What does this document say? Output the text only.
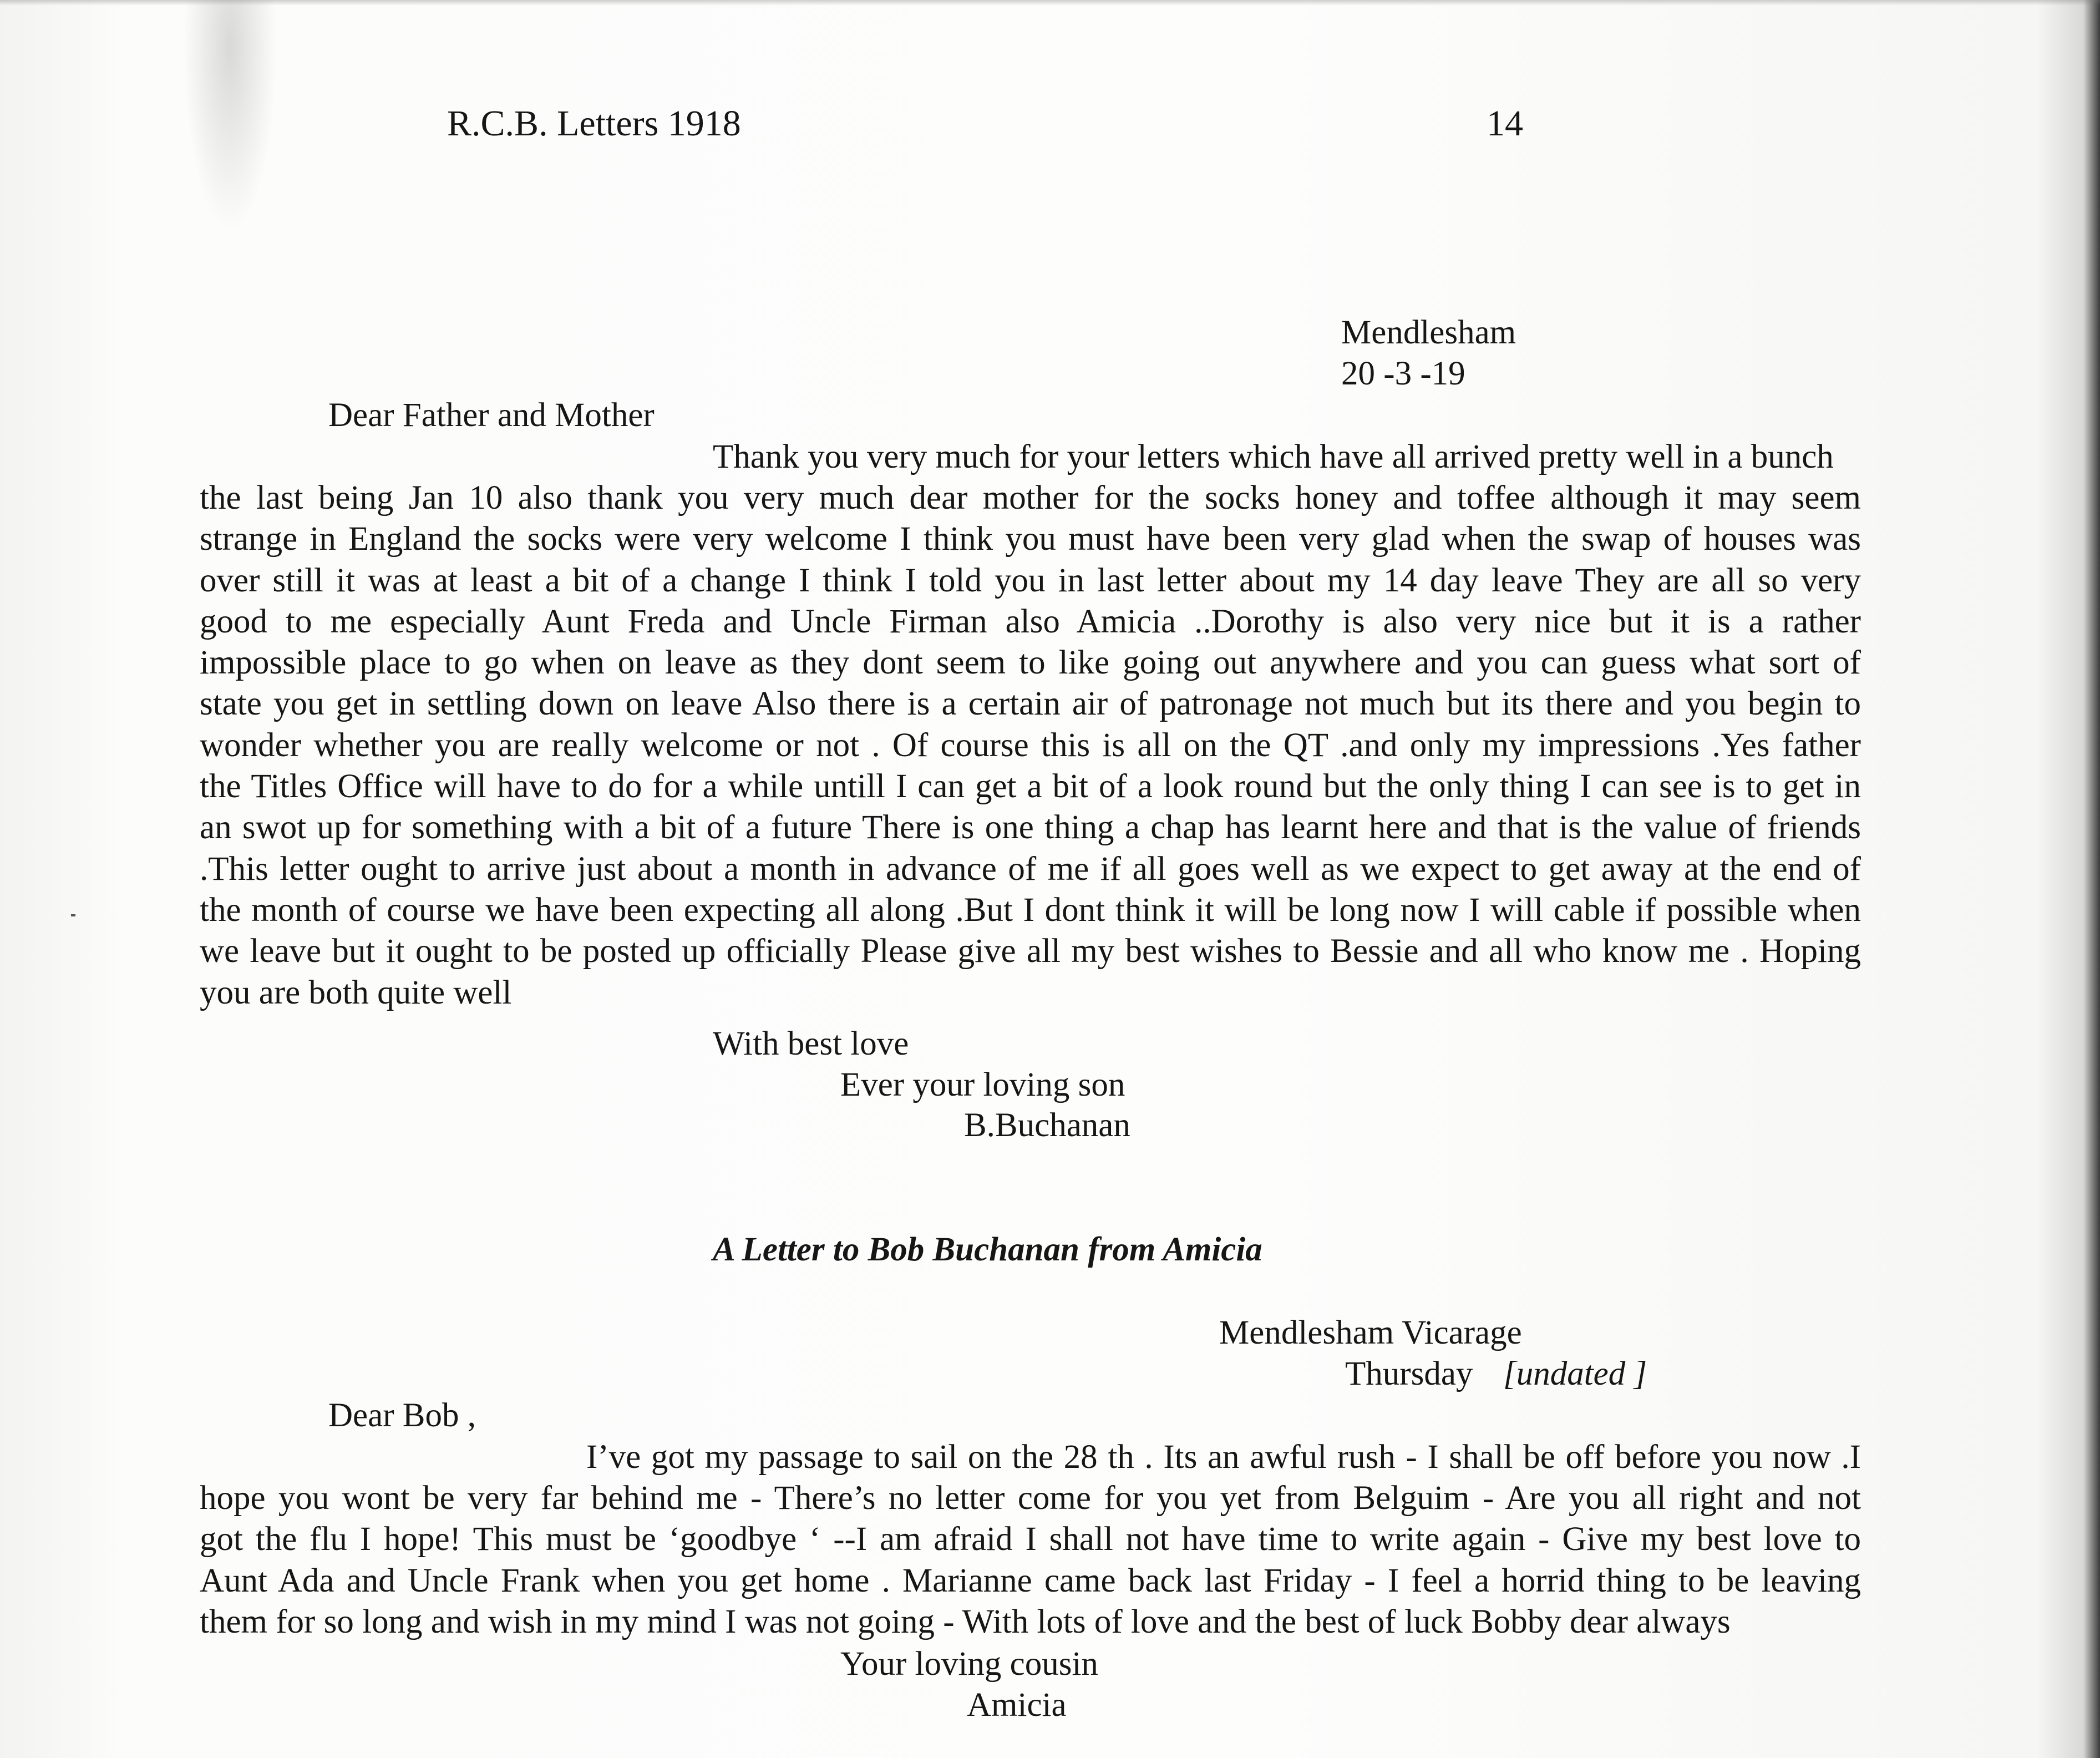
R.C.B. Letters 1918	14
Mendlesham
20 -3 -19
Dear Father and Mother
Thank you very much for your letters which have all arrived pretty well in a bunch
the last being Jan 10 also thank you very much dear mother for the socks honey and toffee although it may seem
strange in England the socks were very welcome I think you must have been very glad when the swap of houses was
over still it was at least a bit of a change I think I told you in last letter about my 14 day leave They are all so very
good to me especially Aunt Freda and Uncle Firman also Amicia ..Dorothy is also very nice but it is a rather
impossible place to go when on leave as they dont seem to like going out anywhere and you can guess what sort of
state you get in settling down on leave Also there is a certain air of patronage not much but its there and you begin to
wonder whether you are really welcome or not . Of course this is all on the QT .and only my impressions .Yes father
the Titles Office will have to do for a while untill I can get a bit of a look round but the only thing I can see is to get in
an swot up for something with a bit of a future There is one thing a chap has learnt here and that is the value of friends
.This letter ought to arrive just about a month in advance of me if all goes well as we expect to get away at the end of
the month of course we have been expecting all along .But I dont think it will be long now I will cable if possible when
we leave but it ought to be posted up officially Please give all my best wishes to Bessie and all who know me . Hoping
you are both quite well
With best love
Ever your loving son
B.Buchanan
A Letter to Bob Buchanan from Amicia
Mendlesham Vicarage
Thursday [undated ]
Dear Bob ,
I’ve got my passage to sail on the 28 th . Its an awful rush - I shall be off before you now .I
hope you wont be very far behind me - There’s no letter come for you yet from Belguim - Are you all right and not
got the flu I hope! This must be ‘goodbye ‘ --I am afraid I shall not have time to write again - Give my best love to
Aunt Ada and Uncle Frank when you get home . Marianne came back last Friday - I feel a horrid thing to be leaving
them for so long and wish in my mind I was not going - With lots of love and the best of luck Bobby dear always
Your loving cousin
Amicia
